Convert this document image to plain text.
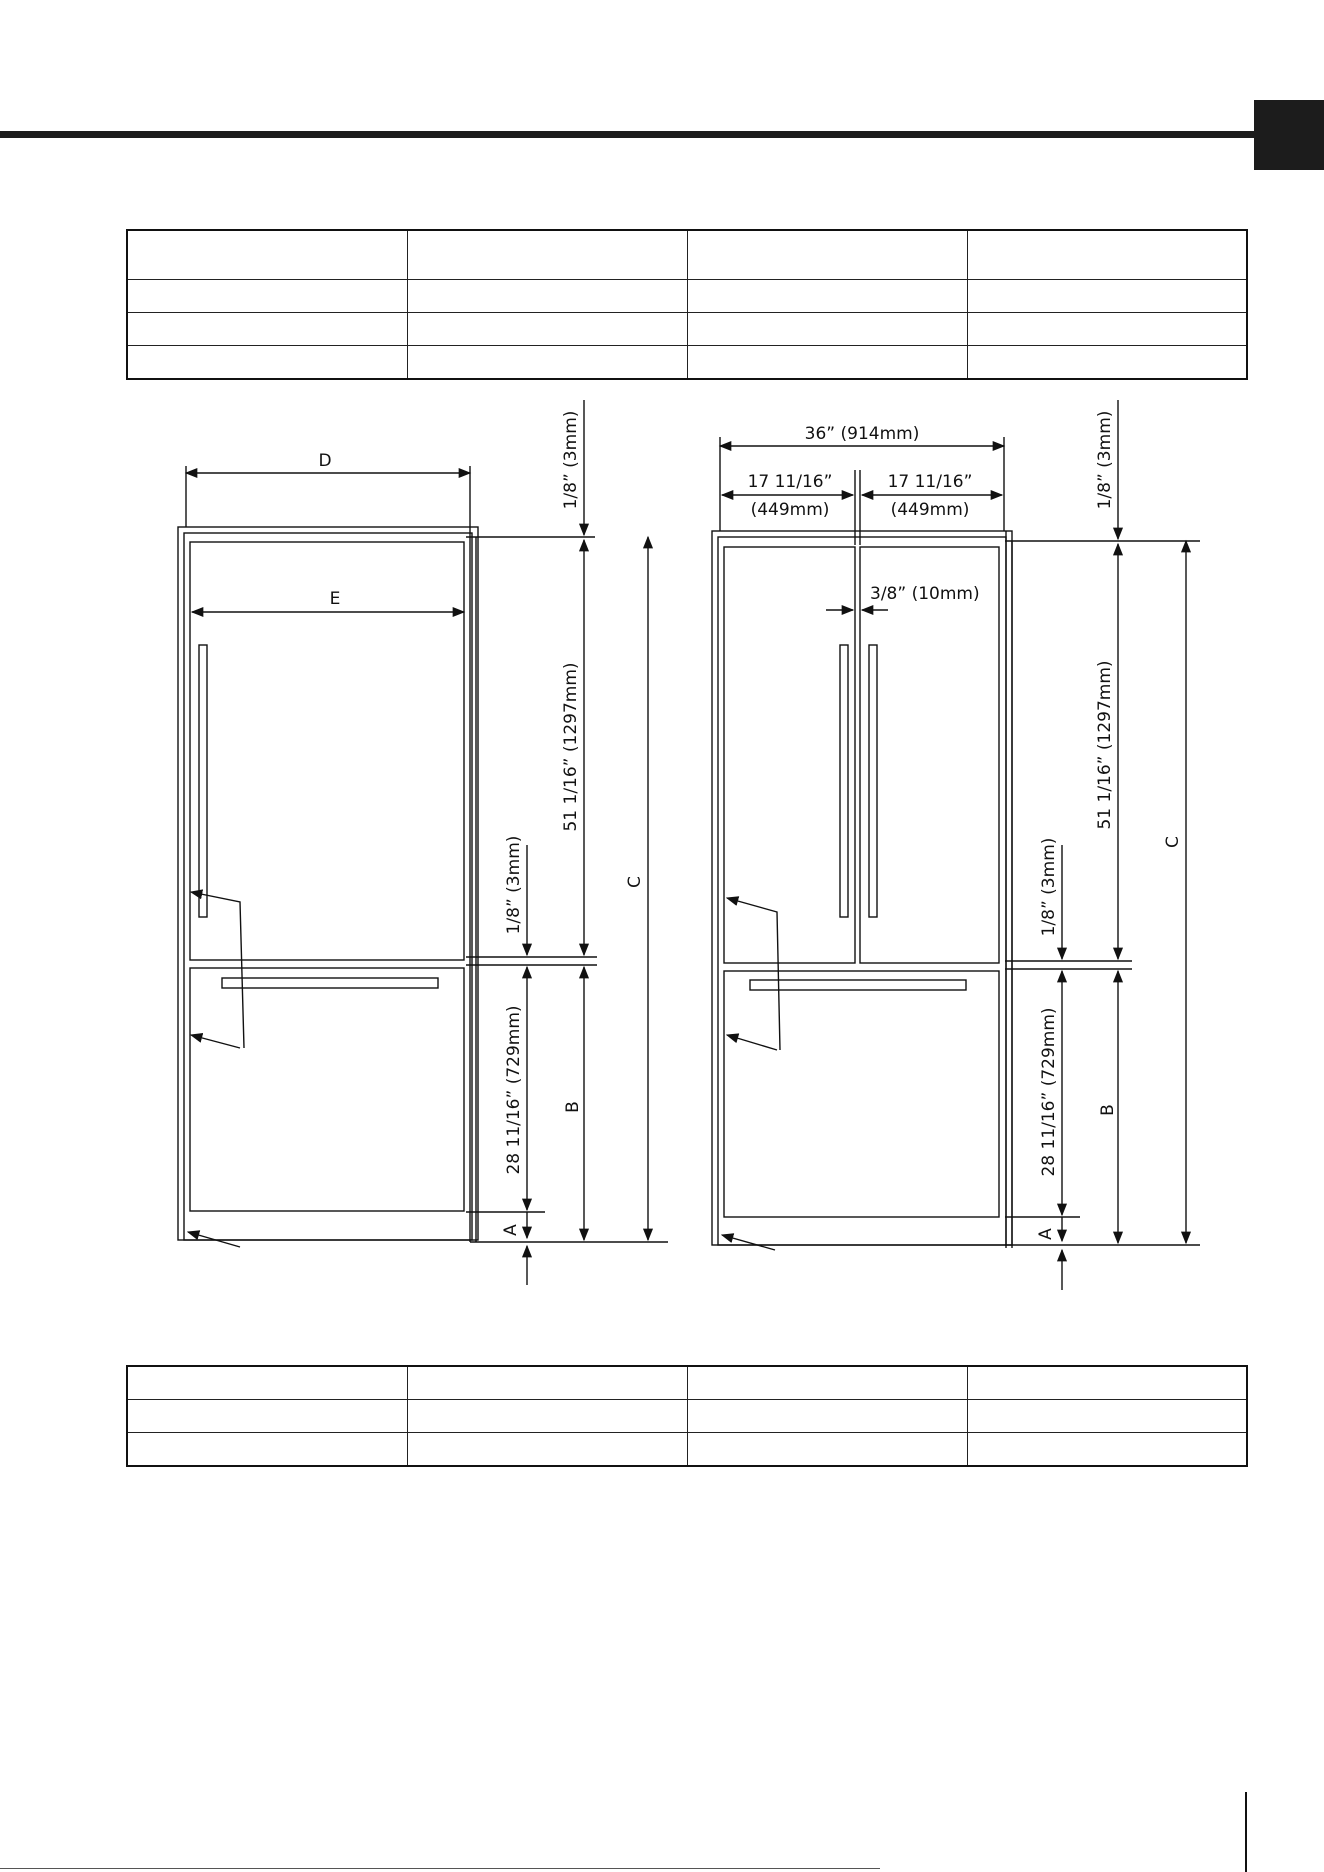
D
E
1/8” (3mm)
51 1/16” (1297mm)
1/8” (3mm)
28 11/16” (729mm) B
C
A
36” (914mm)
17 11/16”
(449mm)
17 11/16”
(449mm)
3/8” (10mm)
1/8” (3mm)
51 1/16” (1297mm)
1/8” (3mm)
28 11/16” (729mm) B
C
A
